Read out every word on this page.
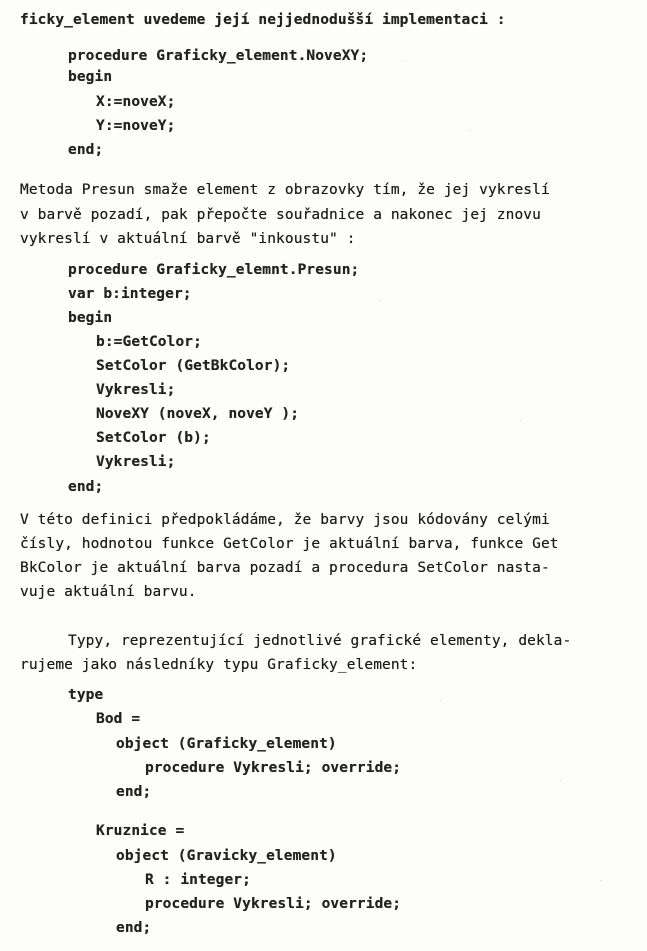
ficky_element uvedeme její nejjednodušší implementaci :
procedure Graficky_element.NoveXY;
begin
X:=noveX;
Y:=noveY;
end;
Metoda Presun smaže element z obrazovky tím, že jej vykreslí
v barvě pozadí, pak přepočte souřadnice a nakonec jej znovu
vykreslí v aktuální barvě "inkoustu" :
procedure Graficky_elemnt.Presun;
var b:integer;
begin
b:=GetColor;
SetColor (GetBkColor);
Vykresli;
NoveXY (noveX, noveY );
SetColor (b);
Vykresli;
end;
V této definici předpokládáme, že barvy jsou kódovány celými
čísly, hodnotou funkce GetColor je aktuální barva, funkce Get
BkColor je aktuální barva pozadí a procedura SetColor nasta-
vuje aktuální barvu.
Typy, reprezentující jednotlivé grafické elementy, dekla-
rujeme jako následníky typu Graficky_element:
type
Bod =
object (Graficky_element)
procedure Vykresli; override;
end;
Kruznice =
object (Gravicky_element)
R : integer;
procedure Vykresli; override;
end;
